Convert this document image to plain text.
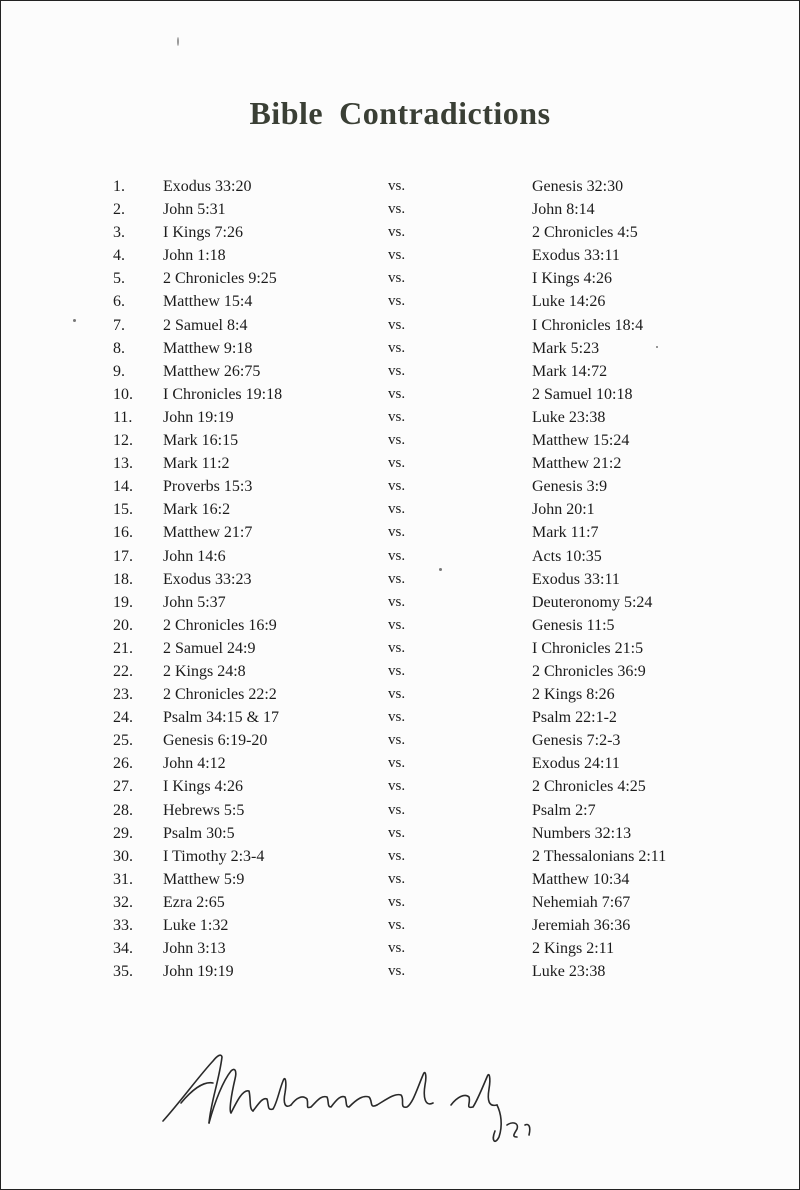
Bible Contradictions
1. Exodus 33:20	vs.	Genesis 32:30
2. John 5:31	vs.	John 8:14
3. I Kings 7:26	vs.	2 Chronicles 4:5
4. John 1:18	vs.	Exodus 33:11
5. 2 Chronicles 9:25	vs.	I Kings 4:26
6. Matthew 15:4	vs.	Luke 14:26
7. 2 Samuel 8:4	vs.	I Chronicles 18:4
8. Matthew 9:18	vs.	Mark 5:23
9. Matthew 26:75	vs.	Mark 14:72
10. I Chronicles 19:18	vs.	2 Samuel 10:18
11. John 19:19	vs.	Luke 23:38
12. Mark 16:15	vs.	Matthew 15:24
13. Mark 11:2	vs.	Matthew 21:2
14. Proverbs 15:3	vs.	Genesis 3:9
15. Mark 16:2	vs.	John 20:1
16. Matthew 21:7	vs.	Mark 11:7
17. John 14:6	vs.	Acts 10:35
18. Exodus 33:23	vs.	Exodus 33:11
19. John 5:37	vs.	Deuteronomy 5:24
20. 2 Chronicles 16:9	vs.	Genesis 11:5
21. 2 Samuel 24:9	vs.	I Chronicles 21:5
22. 2 Kings 24:8	vs.	2 Chronicles 36:9
23. 2 Chronicles 22:2	vs.	2 Kings 8:26
24. Psalm 34:15 & 17	vs.	Psalm 22:1-2
25. Genesis 6:19-20	vs.	Genesis 7:2-3
26. John 4:12	vs.	Exodus 24:11
27. I Kings 4:26	vs.	2 Chronicles 4:25
28. Hebrews 5:5	vs.	Psalm 2:7
29. Psalm 30:5	vs.	Numbers 32:13
30. I Timothy 2:3-4	vs.	2 Thessalonians 2:11
31. Matthew 5:9	vs.	Matthew 10:34
32. Ezra 2:65	vs.	Nehemiah 7:67
33. Luke 1:32	vs.	Jeremiah 36:36
34. John 3:13	vs.	2 Kings 2:11
35. John 19:19	vs.	Luke 23:38
